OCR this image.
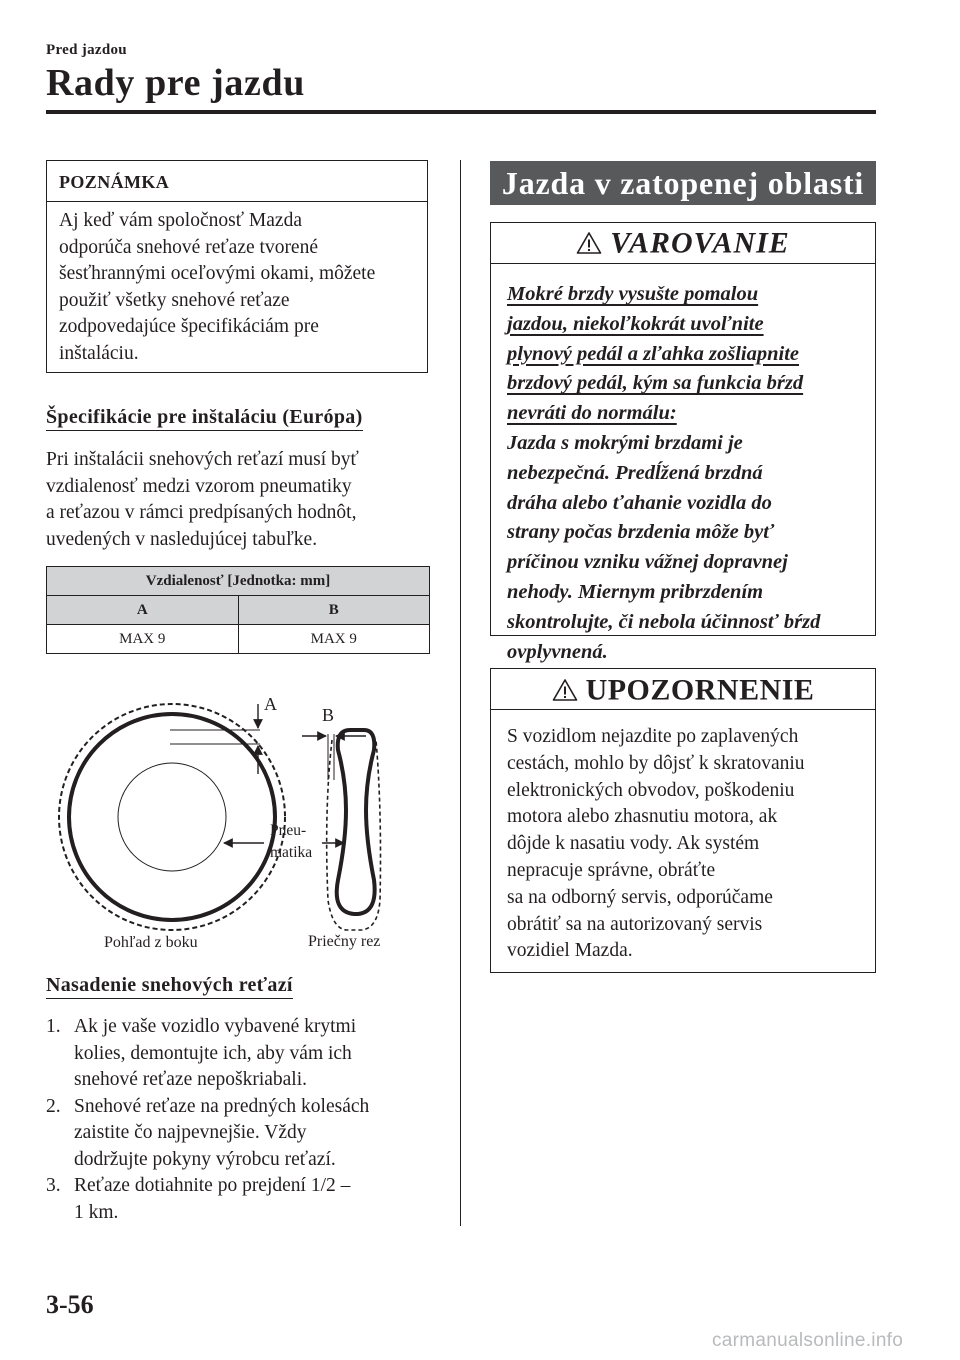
Pred jazdou
Rady pre jazdu
POZNÁMKA
Aj keď vám spoločnosť Mazda
odporúča snehové reťaze tvorené
šesťhrannými oceľovými okami, môžete
použiť všetky snehové reťaze
zodpovedajúce špecifikáciám pre
inštaláciu.
Špecifikácie pre inštaláciu (Európa)
Pri inštalácii snehových reťazí musí byť
vzdialenosť medzi vzorom pneumatiky
a reťazou v rámci predpísaných hodnôt,
uvedených v nasledujúcej tabuľke.
Vzdialenosť [Jednotka: mm]	
A	B
MAX 9	MAX 9
A
B
Pneu-
matika
Pohľad z boku	Priečny rez
Nasadenie snehových reťazí
1. Ak je vaše vozidlo vybavené krytmi
kolies, demontujte ich, aby vám ich
snehové reťaze nepoškriabali.
2. Snehové reťaze na predných kolesách
zaistite čo najpevnejšie. Vždy
dodržujte pokyny výrobcu reťazí.
3. Reťaze dotiahnite po prejdení 1/2 –
1 km.
Jazda v zatopenej oblasti
VAROVANIE
Mokré brzdy vysušte pomalou
jazdou, niekoľkokrát uvoľnite
plynový pedál a zľahka zošliapnite
brzdový pedál, kým sa funkcia bŕzd
nevráti do normálu:
Jazda s mokrými brzdami je
nebezpečná. Predĺžená brzdná
dráha alebo ťahanie vozidla do
strany počas brzdenia môže byť
príčinou vzniku vážnej dopravnej
nehody. Miernym pribrzdením
skontrolujte, či nebola účinnosť bŕzd
ovplyvnená.
UPOZORNENIE
S vozidlom nejazdite po zaplavených
cestách, mohlo by dôjsť k skratovaniu
elektronických obvodov, poškodeniu
motora alebo zhasnutiu motora, ak
dôjde k nasatiu vody. Ak systém
nepracuje správne, obráťte
sa na odborný servis, odporúčame
obrátiť sa na autorizovaný servis
vozidiel Mazda.
3-56
carmanualsonline.info
